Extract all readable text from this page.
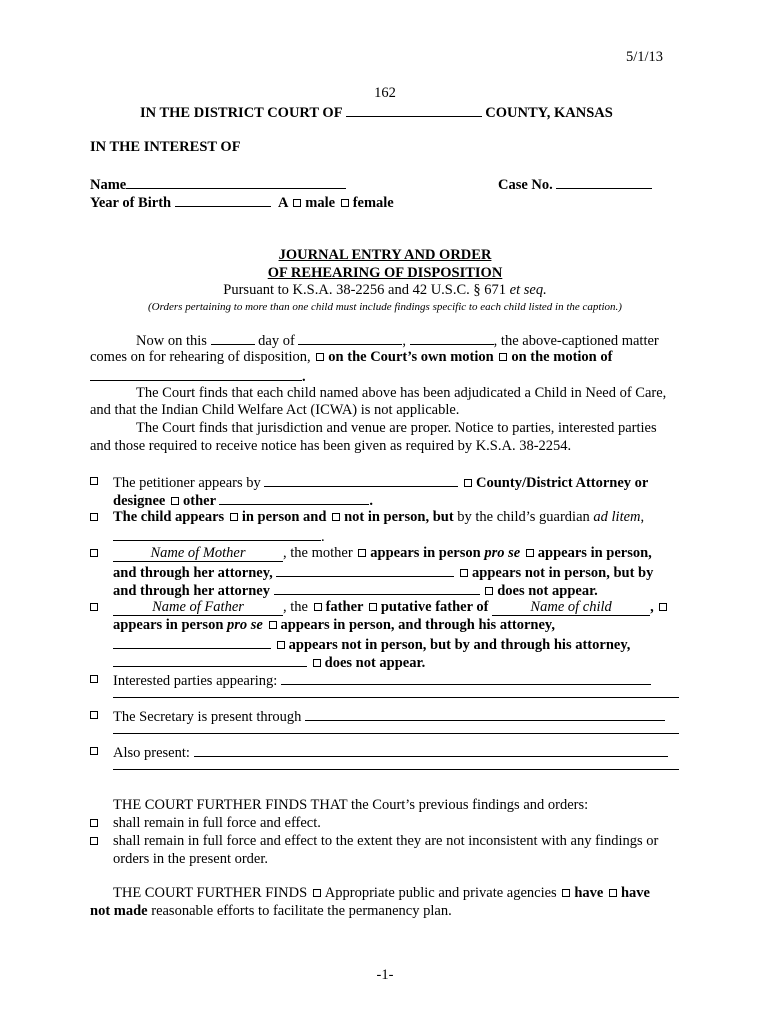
5/1/13
162
IN THE DISTRICT COURT OF	COUNTY, KANSAS
IN THE INTEREST OF
Name	Case No.
Year of Birth	A male female
JOURNAL ENTRY AND ORDER
OF REHEARING OF DISPOSITION
Pursuant to K.S.A. 38-2256 and 42 U.S.C. § 671 et seq.
(Orders pertaining to more than one child must include findings specific to each child listed in the caption.)
Now on this	day of	,	, the above-captioned matter
comes on for rehearing of disposition, on the Court’s own motion on the motion of
.
The Court finds that each child named above has been adjudicated a Child in Need of Care,
and that the Indian Child Welfare Act (ICWA) is not applicable.
The Court finds that jurisdiction and venue are proper. Notice to parties, interested parties
and those required to receive notice has been given as required by K.S.A. 38-2254.
The petitioner appears by	County/District Attorney or
designee other	.
The child appears in person and not in person, but by the child’s guardian ad litem,
.
Name of Mother	, the mother appears in person pro se appears in person,
and through her attorney,	appears not in person, but by
and through her attorney	does not appear.
Name of Father	, the father putative father of	Name of child	,
appears in person pro se appears in person, and through his attorney,
appears not in person, but by and through his attorney,
does not appear.
Interested parties appearing:
The Secretary is present through
Also present:
THE COURT FURTHER FINDS THAT the Court’s previous findings and orders:
shall remain in full force and effect.
shall remain in full force and effect to the extent they are not inconsistent with any findings or
orders in the present order.
THE COURT FURTHER FINDS Appropriate public and private agencies have have
not made reasonable efforts to facilitate the permanency plan.
-1-
